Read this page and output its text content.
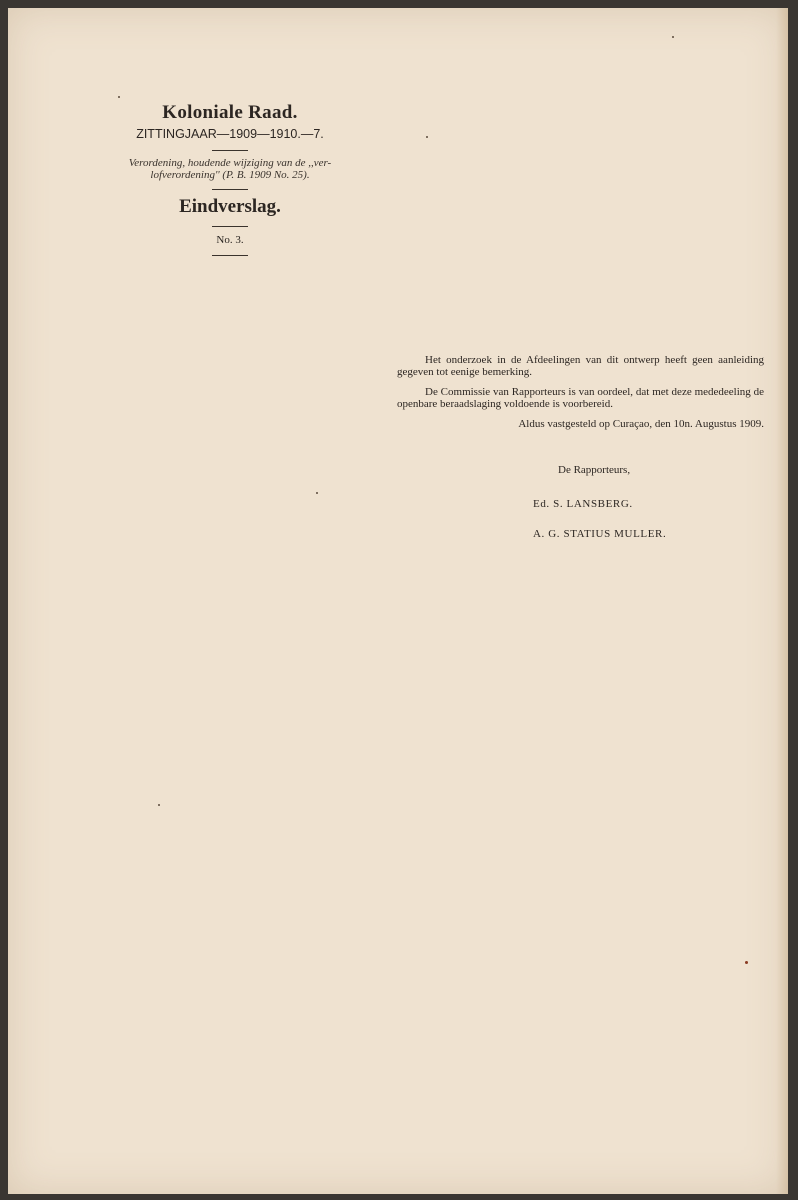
Koloniale Raad.

ZITTINGJAAR—1909—1910.—7.

Verordening, houdende wijziging van de ,,ver-
lofverordening'' (P. B. 1909 No. 25).

Eindverslag.

No. 3.

Het onderzoek in de Afdeelingen van dit ontwerp heeft geen aanleiding gegeven tot eenige bemerking.

De Commissie van Rapporteurs is van oordeel, dat met deze mededeeling de openbare beraadslaging voldoende is voorbereid.

Aldus vastgesteld op Curaçao, den 10n. Augustus 1909.

De Rapporteurs,
Ed. S. LANSBERG.
A. G. STATIUS MULLER.
